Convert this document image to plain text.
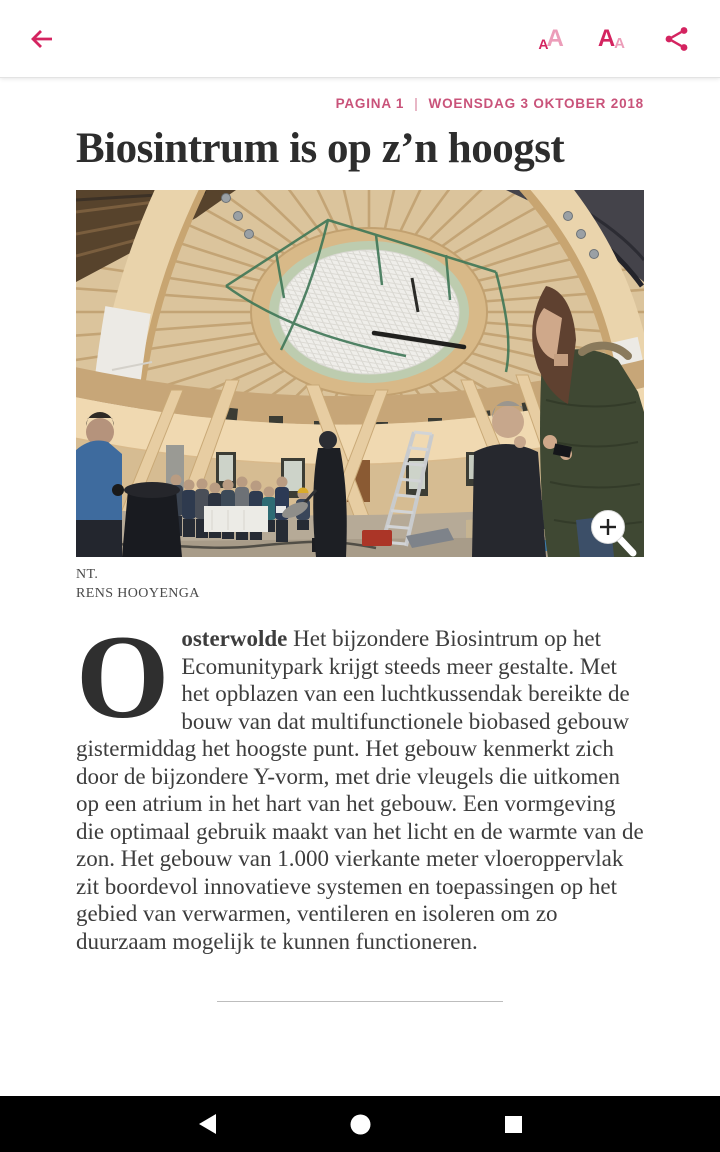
A
A A A
PAGINA 1 | WOENSDAG 3 OKTOBER 2018
Biosintrum is op z’n hoogst
NT.
RENS HOOYENGA

Oosterwolde Het bijzondere Biosintrum op het Ecomunitypark krijgt steeds meer gestalte. Met het opblazen van een luchtkussendak bereikte de bouw van dat multifunctionele biobased gebouw gistermiddag het hoogste punt. Het gebouw kenmerkt zich door de bijzondere Y-vorm, met drie vleugels die uitkomen op een atrium in het hart van het gebouw. Een vormgeving die optimaal gebruik maakt van het licht en de warmte van de zon. Het gebouw van 1.000 vierkante meter vloeroppervlak zit boordevol innovatieve systemen en toepassingen op het gebied van verwarmen, ventileren en isoleren om zo duurzaam mogelijk te kunnen functioneren.
